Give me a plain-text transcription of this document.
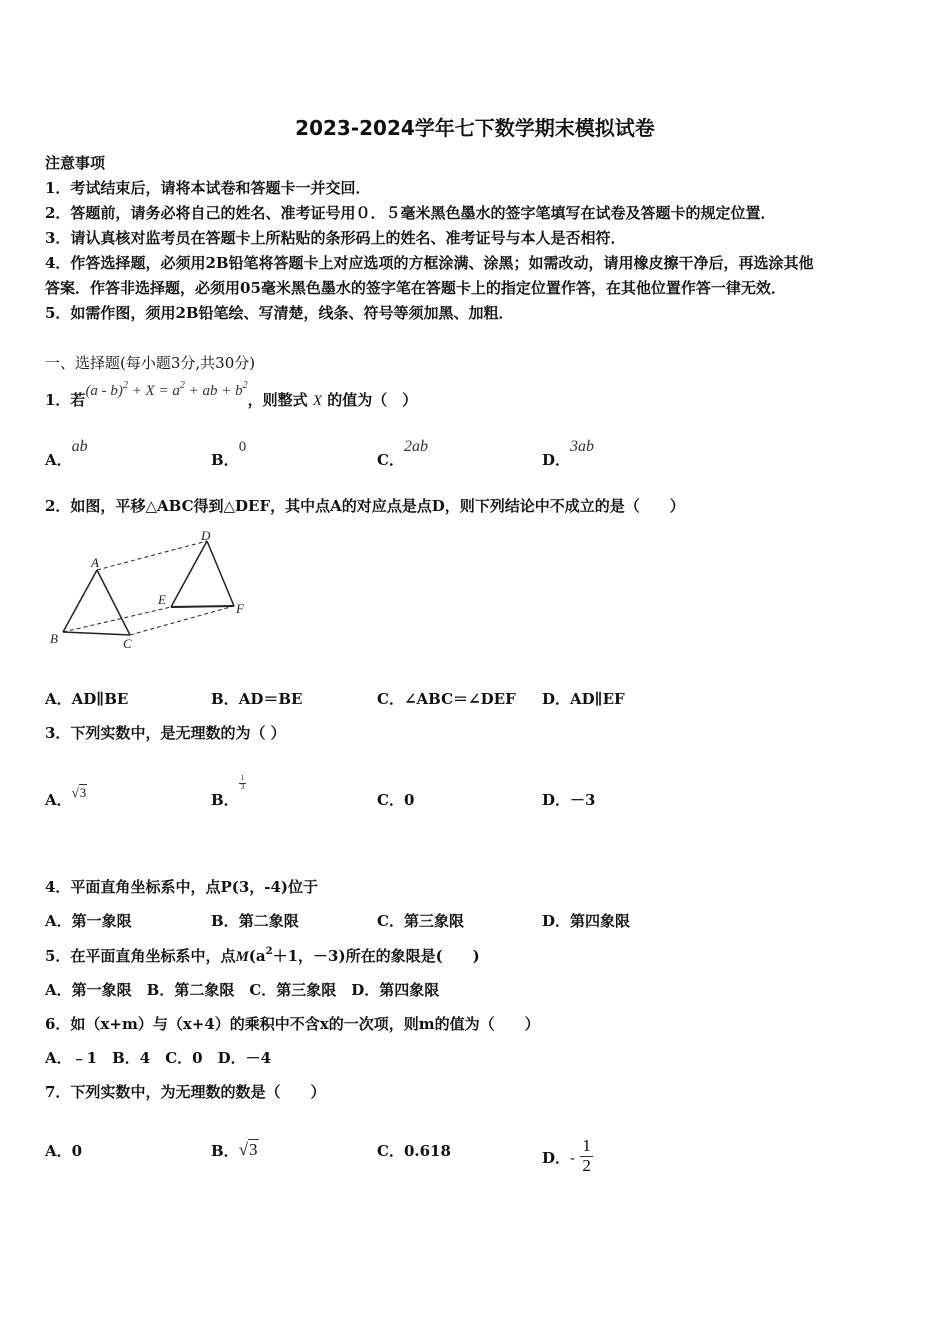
2023-2024学年七下数学期末模拟试卷
注意事项
1．考试结束后，请将本试卷和答题卡一并交回．
2．答题前，请务必将自己的姓名、准考证号用０．５毫米黑色墨水的签字笔填写在试卷及答题卡的规定位置．
3．请认真核对监考员在答题卡上所粘贴的条形码上的姓名、准考证号与本人是否相符．
4．作答选择题，必须用2B铅笔将答题卡上对应选项的方框涂满、涂黑；如需改动，请用橡皮擦干净后，再选涂其他
答案．作答非选择题，必须用05毫米黑色墨水的签字笔在答题卡上的指定位置作答，在其他位置作答一律无效．
5．如需作图，须用2B铅笔绘、写清楚，线条、符号等须加黑、加粗．
一、选择题(每小题3分,共30分)
1．若$(a - b)^2 + X = a^2$ + ab + $b^2$，则整式 X 的值为（　）
A．ab
B．0
C．2ab
D．3ab
2．如图，平移△ABC得到△DEF，其中点A的对应点是点D，则下列结论中不成立的是（　　）
A
B	C
D
E
F
A．AD∥BE	B．AD＝BE	C．∠ABC＝∠DEF D．AD∥EF
3．下列实数中，是无理数的为（ ）
A．√3	B．
$\frac{1}{3}$
C．0	D．－3
4．平面直角坐标系中，点P(3，-4)位于
A．第一象限	B．第二象限	C．第三象限	D．第四象限
5．在平面直角坐标系中，点$M(a^2+1$，－3)所在的象限是(　　)
A．第一象限　B．第二象限　C．第三象限　D．第四象限
6．如（x+m）与（x+4）的乘积中不含x的一次项，则m的值为（　　）
A．﹣1　B．4　C．0　D．－4
7．下列实数中，为无理数的数是（　　）
A．0	B．√3	C．0.618	D．- $\frac{1}{2}$
